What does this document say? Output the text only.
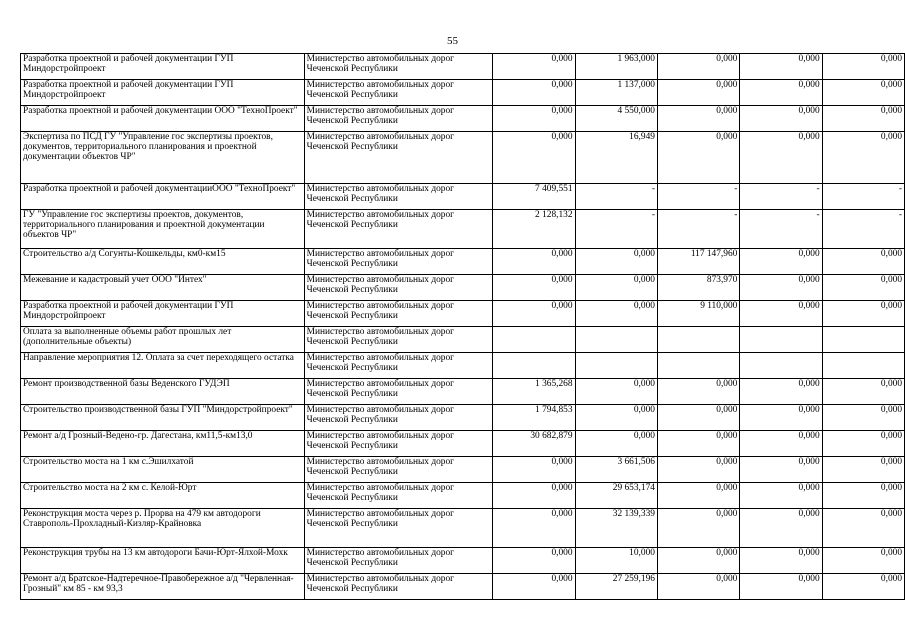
55
Разработка проектной и рабочей документации ГУП Миндорстройпроект	Министерство автомобильных дорог Чеченской Республики	0,000	1 963,000	0,000	0,000	0,000
Разработка проектной и рабочей документации ГУП Миндорстройпроект	Министерство автомобильных дорог Чеченской Республики	0,000	1 137,000	0,000	0,000	0,000
Разработка проектной и рабочей документации ООО "ТехноПроект"	Министерство автомобильных дорог Чеченской Республики	0,000	4 550,000	0,000	0,000	0,000
Экспертиза по ПСД ГУ "Управление гос экспертизы проектов, документов, территориального планирования и проектной документации объектов ЧР"	Министерство автомобильных дорог Чеченской Республики	0,000	16,949	0,000	0,000	0,000
Разработка проектной и рабочей документацииООО "ТехноПроект"	Министерство автомобильных дорог Чеченской Республики	7 409,551	-	-	-	-
ГУ "Управление гос экспертизы проектов, документов, территориального планирования и проектной документации объектов ЧР"	Министерство автомобильных дорог Чеченской Республики	2 128,132	-	-	-	-
Строительство а/д Согунты-Кошкельды, км0-км15	Министерство автомобильных дорог Чеченской Республики	0,000	0,000	117 147,960	0,000	0,000
Межевание и кадастровый учет ООО "Интех"	Министерство автомобильных дорог Чеченской Республики	0,000	0,000	873,970	0,000	0,000
Разработка проектной и рабочей документации ГУП Миндорстройпроект	Министерство автомобильных дорог Чеченской Республики	0,000	0,000	9 110,000	0,000	0,000
Оплата за выполненные объемы работ прошлых лет (дополнительные объекты)	Министерство автомобильных дорог Чеченской Республики					
Направление мероприятия 12. Оплата за счет переходящего остатка	Министерство автомобильных дорог Чеченской Республики					
Ремонт производственной базы Веденского ГУДЭП	Министерство автомобильных дорог Чеченской Республики	1 365,268	0,000	0,000	0,000	0,000
Строительство производственной базы ГУП "Миндорстройпроект"	Министерство автомобильных дорог Чеченской Республики	1 794,853	0,000	0,000	0,000	0,000
Ремонт а/д Грозный-Ведено-гр. Дагестана, км11,5-км13,0	Министерство автомобильных дорог Чеченской Республики	30 682,879	0,000	0,000	0,000	0,000
Строительство моста на 1 км с.Эшилхатой	Министерство автомобильных дорог Чеченской Республики	0,000	3 661,506	0,000	0,000	0,000
Строительство моста на 2 км с. Келой-Юрт	Министерство автомобильных дорог Чеченской Республики	0,000	29 653,174	0,000	0,000	0,000
Реконструкция моста через р. Прорва на 479 км автодороги Ставрополь-Прохладный-Кизляр-Крайновка	Министерство автомобильных дорог Чеченской Республики	0,000	32 139,339	0,000	0,000	0,000
Реконструкция трубы на 13 км автодороги Бачи-Юрт-Ялхой-Мохк	Министерство автомобильных дорог Чеченской Республики	0,000	10,000	0,000	0,000	0,000
Ремонт а/д Братское-Надтеречное-Правобережное а/д "Червленная-Грозный" км 85 - км 93,3	Министерство автомобильных дорог Чеченской Республики	0,000	27 259,196	0,000	0,000	0,000
